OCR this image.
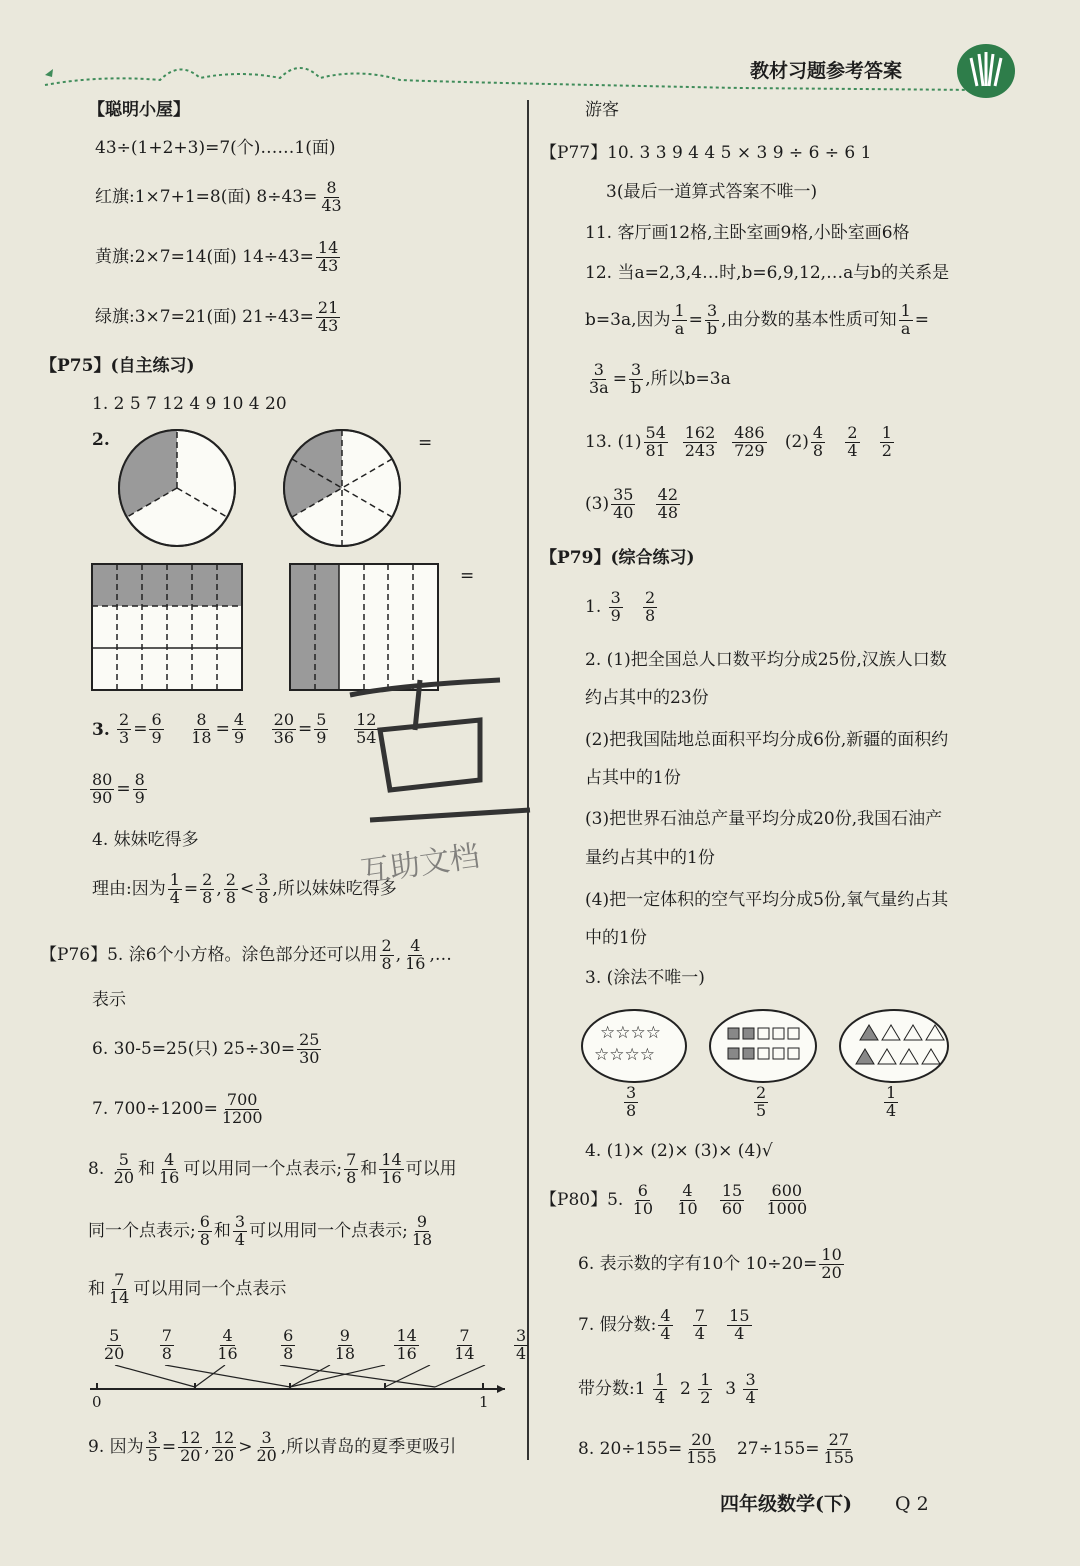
教材习题参考答案
【聪明小屋】
43÷(1+2+3)=7(个)……1(面)
红旗:1×7+1=8(面) $8\div 43= \frac{8}{43}$
黄旗:2×7=14(面) $14\div 43= \frac{14}{43}$
绿旗:3×7=21(面) $21\div 43= \frac{21}{43}$
【P75】(自主练习)
1. 2 5 7 12 4 9 10 4 20
2.	=
=
3. $\frac{2}{3} = \frac{6}{9}$
$\frac{8}{18} = \frac{4}{9}$
$\frac{20}{36} = \frac{5}{9}$
$\frac{12}{54}$
$\frac{80}{90} = \frac{8}{9}$
互助文档
4. 妹妹吃得多
理由:因为 $\frac{1}{4} = \frac{2}{8}$ , $\frac{2}{8} < \frac{3}{8}$ ,所以妹妹吃得多
【P76】5. 涂6个小方格。涂色部分还可以用 $\frac{2}{8}$ , $\frac{4}{16}$ ,…
表示
6. 30-5=25(只) $25\div 30= \frac{25}{30}$
7. $700\div 1200= \frac{700}{1200}$
8. $\frac{5}{20}$ 和 $\frac{4}{16}$ 可以用同一个点表示; $\frac{7}{8}$ 和 $\frac{14}{16}$ 可以用
同一个点表示; $\frac{6}{8}$ 和 $\frac{3}{4}$ 可以用同一个点表示; $\frac{9}{18}$
和 $\frac{7}{14}$ 可以用同一个点表示
$\frac{5}{20}$
$\frac{7}{8}$
	$\frac{4}{16}$
	$\frac{6}{8}$
$\frac{9}{18}$
$\frac{14}{16}$
$\frac{7}{14}$
$\frac{3}{4}$
0	1
9. 因为 $\frac{3}{5} = \frac{12}{20}$ , $\frac{12}{20} > \frac{3}{20}$ ,所以青岛的夏季更吸引
游客
【P77】10. 3 3 9 4 4 5 × 3 9 ÷ 6 ÷ 6 1
3(最后一道算式答案不唯一)
11. 客厅画12格,主卧室画9格,小卧室画6格
12. 当a=2,3,4…时,b=6,9,12,…a与b的关系是
b=3a,因为 $\frac{1}{a} = \frac{3}{b}$ ,由分数的基本性质可知 $\frac{1}{a}$ =
$\frac{3}{3a} = \frac{3}{b}$ ,所以b=3a
13. $(1) \frac{54}{81}$
$\frac{162}{243}$
$\frac{486}{729} (2) \frac{4}{8}$
$\frac{2}{4}$
$\frac{1}{2}$
$(3) \frac{35}{40}$
$\frac{42}{48}$
【P79】(综合练习)
1. $\frac{3}{9}$
$\frac{2}{8}$
2. (1)把全国总人口数平均分成25份,汉族人口数
约占其中的23份
(2)把我国陆地总面积平均分成6份,新疆的面积约
占其中的1份
(3)把世界石油总产量平均分成20份,我国石油产
量约占其中的1份
(4)把一定体积的空气平均分成5份,氧气量约占其
中的1份
3. (涂法不唯一)
☆☆☆☆
☆☆☆☆
$\frac{3}{8}$	$\frac{2}{5}$	$\frac{1}{4}$
4. (1)× (2)× (3)× (4)√
【P80】5. $\frac{6}{10}$
$\frac{4}{10}$
$\frac{15}{60}$
$\frac{600}{1000}$
6. 表示数的字有10个 $10\div 20= \frac{10}{20}$
7. 假分数: $\frac{4}{4}$
$\frac{7}{4}$
$\frac{15}{4}$
带分数:1 $\frac{1}{4} 2 \frac{1}{2} 3 \frac{3}{4}$
8. $20\div 155= \frac{20}{155} 27\div 155= \frac{27}{155}$
四年级数学(下) Q 2
